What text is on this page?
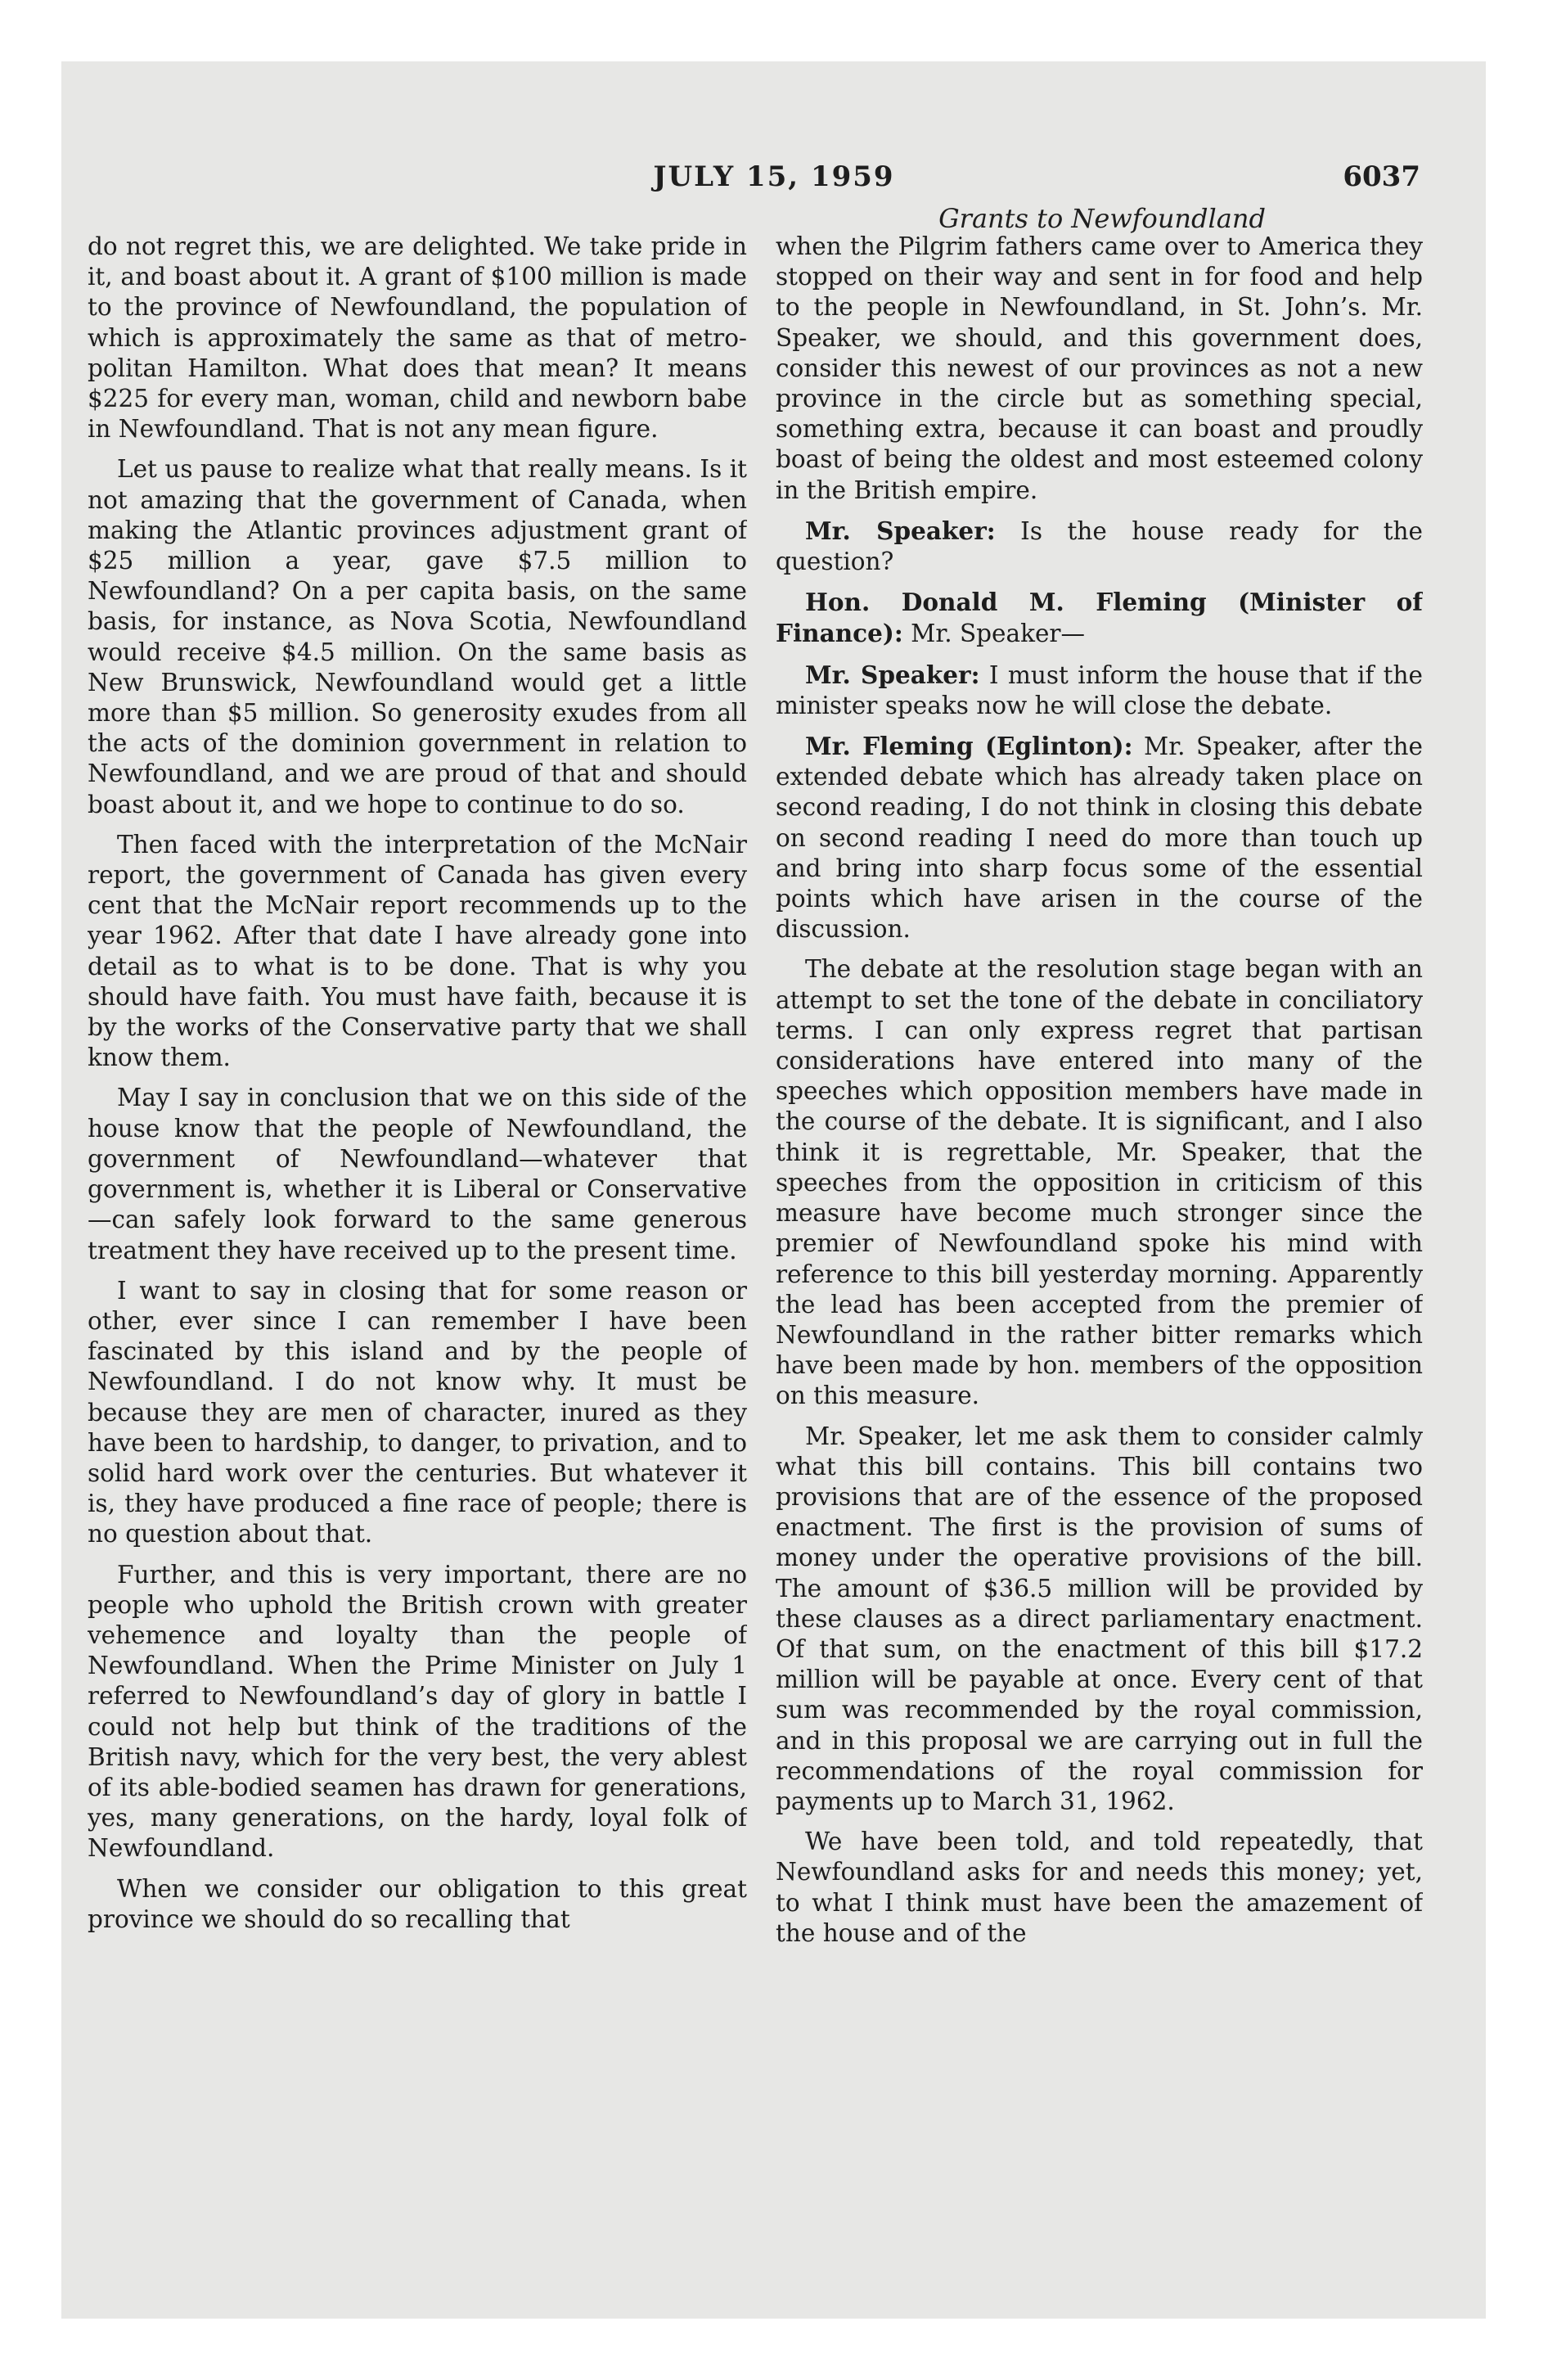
JULY 15, 1959	6037
Grants to Newfoundland

do not regret this, we are delighted. We take pride in it, and boast about it. A grant of $100 million is made to the province of Newfoundland, the population of which is approximately the same as that of metropolitan Hamilton. What does that mean? It means $225 for every man, woman, child and newborn babe in Newfoundland. That is not any mean figure.

Let us pause to realize what that really means. Is it not amazing that the government of Canada, when making the Atlantic provinces adjustment grant of $25 million a year, gave $7.5 million to Newfoundland? On a per capita basis, on the same basis, for instance, as Nova Scotia, Newfoundland would receive $4.5 million. On the same basis as New Brunswick, Newfoundland would get a little more than $5 million. So generosity exudes from all the acts of the dominion government in relation to Newfoundland, and we are proud of that and should boast about it, and we hope to continue to do so.

Then faced with the interpretation of the McNair report, the government of Canada has given every cent that the McNair report recommends up to the year 1962. After that date I have already gone into detail as to what is to be done. That is why you should have faith. You must have faith, because it is by the works of the Conservative party that we shall know them.

May I say in conclusion that we on this side of the house know that the people of Newfoundland, the government of Newfoundland—whatever that government is, whether it is Liberal or Conservative—can safely look forward to the same generous treatment they have received up to the present time.

I want to say in closing that for some reason or other, ever since I can remember I have been fascinated by this island and by the people of Newfoundland. I do not know why. It must be because they are men of character, inured as they have been to hardship, to danger, to privation, and to solid hard work over the centuries. But whatever it is, they have produced a fine race of people; there is no question about that.

Further, and this is very important, there are no people who uphold the British crown with greater vehemence and loyalty than the people of Newfoundland. When the Prime Minister on July 1 referred to Newfoundland’s day of glory in battle I could not help but think of the traditions of the British navy, which for the very best, the very ablest of its able-bodied seamen has drawn for generations, yes, many generations, on the hardy, loyal folk of Newfoundland.

When we consider our obligation to this great province we should do so recalling that

when the Pilgrim fathers came over to America they stopped on their way and sent in for food and help to the people in Newfoundland, in St. John’s. Mr. Speaker, we should, and this government does, consider this newest of our provinces as not a new province in the circle but as something special, something extra, because it can boast and proudly boast of being the oldest and most esteemed colony in the British empire.

Mr. Speaker: Is the house ready for the question?

Hon. Donald M. Fleming (Minister of Finance): Mr. Speaker—

Mr. Speaker: I must inform the house that if the minister speaks now he will close the debate.

Mr. Fleming (Eglinton): Mr. Speaker, after the extended debate which has already taken place on second reading, I do not think in closing this debate on second reading I need do more than touch up and bring into sharp focus some of the essential points which have arisen in the course of the discussion.

The debate at the resolution stage began with an attempt to set the tone of the debate in conciliatory terms. I can only express regret that partisan considerations have entered into many of the speeches which opposition members have made in the course of the debate. It is significant, and I also think it is regrettable, Mr. Speaker, that the speeches from the opposition in criticism of this measure have become much stronger since the premier of Newfoundland spoke his mind with reference to this bill yesterday morning. Apparently the lead has been accepted from the premier of Newfoundland in the rather bitter remarks which have been made by hon. members of the opposition on this measure.

Mr. Speaker, let me ask them to consider calmly what this bill contains. This bill contains two provisions that are of the essence of the proposed enactment. The first is the provision of sums of money under the operative provisions of the bill. The amount of $36.5 million will be provided by these clauses as a direct parliamentary enactment. Of that sum, on the enactment of this bill $17.2 million will be payable at once. Every cent of that sum was recommended by the royal commission, and in this proposal we are carrying out in full the recommendations of the royal commission for payments up to March 31, 1962.

We have been told, and told repeatedly, that Newfoundland asks for and needs this money; yet, to what I think must have been the amazement of the house and of the
